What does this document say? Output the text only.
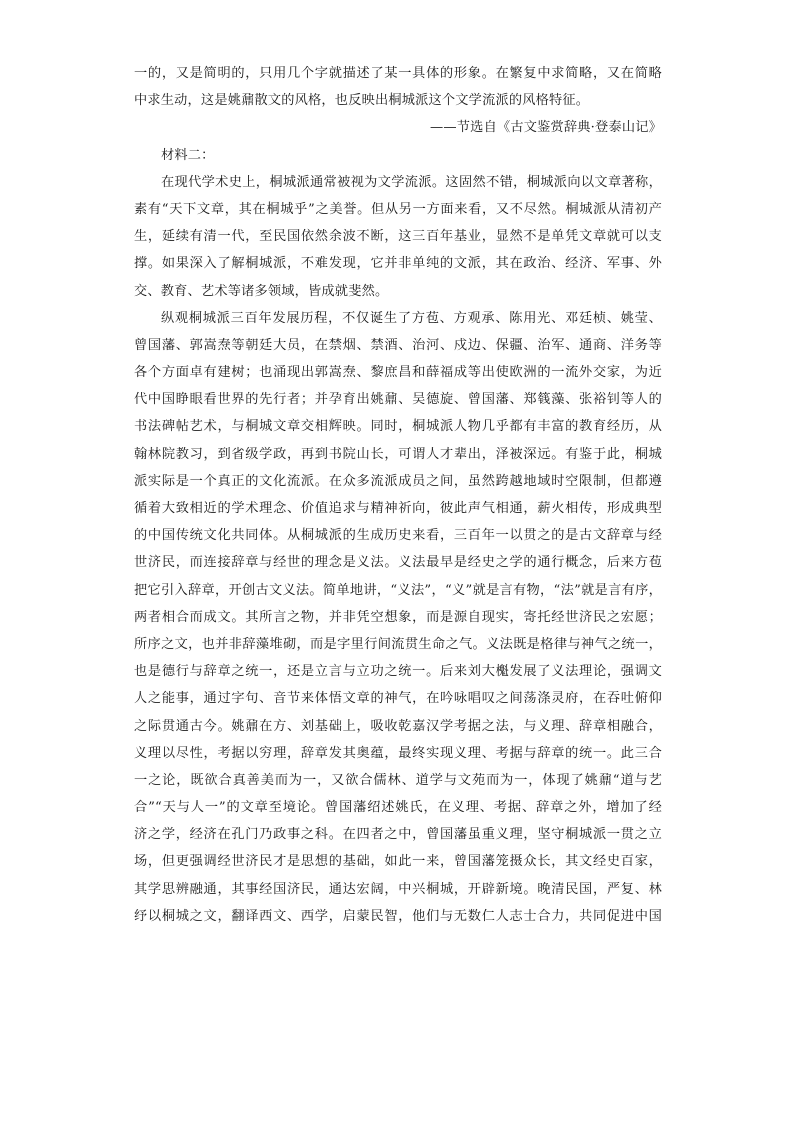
一的，又是简明的，只用几个字就描述了某一具体的形象。在繁复中求简略，又在简略
中求生动，这是姚鼐散文的风格，也反映出桐城派这个文学流派的风格特征。
——节选自《古文鉴赏辞典·登泰山记》
材料二：
在现代学术史上，桐城派通常被视为文学流派。这固然不错，桐城派向以文章著称，
素有“天下文章，其在桐城乎”之美誉。但从另一方面来看，又不尽然。桐城派从清初产
生，延续有清一代，至民国依然余波不断，这三百年基业，显然不是单凭文章就可以支
撑。如果深入了解桐城派，不难发现，它并非单纯的文派，其在政治、经济、军事、外
交、教育、艺术等诸多领域，皆成就斐然。
纵观桐城派三百年发展历程，不仅诞生了方苞、方观承、陈用光、邓廷桢、姚莹、
曾国藩、郭嵩焘等朝廷大员，在禁烟、禁酒、治河、戍边、保疆、治军、通商、洋务等
各个方面卓有建树；也涌现出郭嵩焘、黎庶昌和薛福成等出使欧洲的一流外交家，为近
代中国睁眼看世界的先行者；并孕育出姚鼐、吴德旋、曾国藩、郑篯藻、张裕钊等人的
书法碑帖艺术，与桐城文章交相辉映。同时，桐城派人物几乎都有丰富的教育经历，从
翰林院教习，到省级学政，再到书院山长，可谓人才辈出，泽被深远。有鉴于此，桐城
派实际是一个真正的文化流派。在众多流派成员之间，虽然跨越地域时空限制，但都遵
循着大致相近的学术理念、价值追求与精神祈向，彼此声气相通，薪火相传，形成典型
的中国传统文化共同体。从桐城派的生成历史来看，三百年一以贯之的是古文辞章与经
世济民，而连接辞章与经世的理念是义法。义法最早是经史之学的通行概念，后来方苞
把它引入辞章，开创古文义法。简单地讲，“义法”，“义”就是言有物，“法”就是言有序，
两者相合而成文。其所言之物，并非凭空想象，而是源自现实，寄托经世济民之宏愿；
所序之文，也并非辞藻堆砌，而是字里行间流贯生命之气。义法既是格律与神气之统一，
也是德行与辞章之统一，还是立言与立功之统一。后来刘大櫆发展了义法理论，强调文
人之能事，通过字句、音节来体悟文章的神气，在吟咏唱叹之间荡涤灵府，在吞吐俯仰
之际贯通古今。姚鼐在方、刘基础上，吸收乾嘉汉学考据之法，与义理、辞章相融合，
义理以尽性，考据以穷理，辞章发其奥蕴，最终实现义理、考据与辞章的统一。此三合
一之论，既欲合真善美而为一，又欲合儒林、道学与文苑而为一，体现了姚鼐“道与艺
合”“天与人一”的文章至境论。曾国藩绍述姚氏，在义理、考据、辞章之外，增加了经
济之学，经济在孔门乃政事之科。在四者之中，曾国藩虽重义理，坚守桐城派一贯之立
场，但更强调经世济民才是思想的基础，如此一来，曾国藩笼摄众长，其文经史百家，
其学思辨融通，其事经国济民，通达宏阔，中兴桐城，开辟新境。晚清民国，严复、林
纾以桐城之文，翻译西文、西学，启蒙民智，他们与无数仁人志士合力，共同促进中国
